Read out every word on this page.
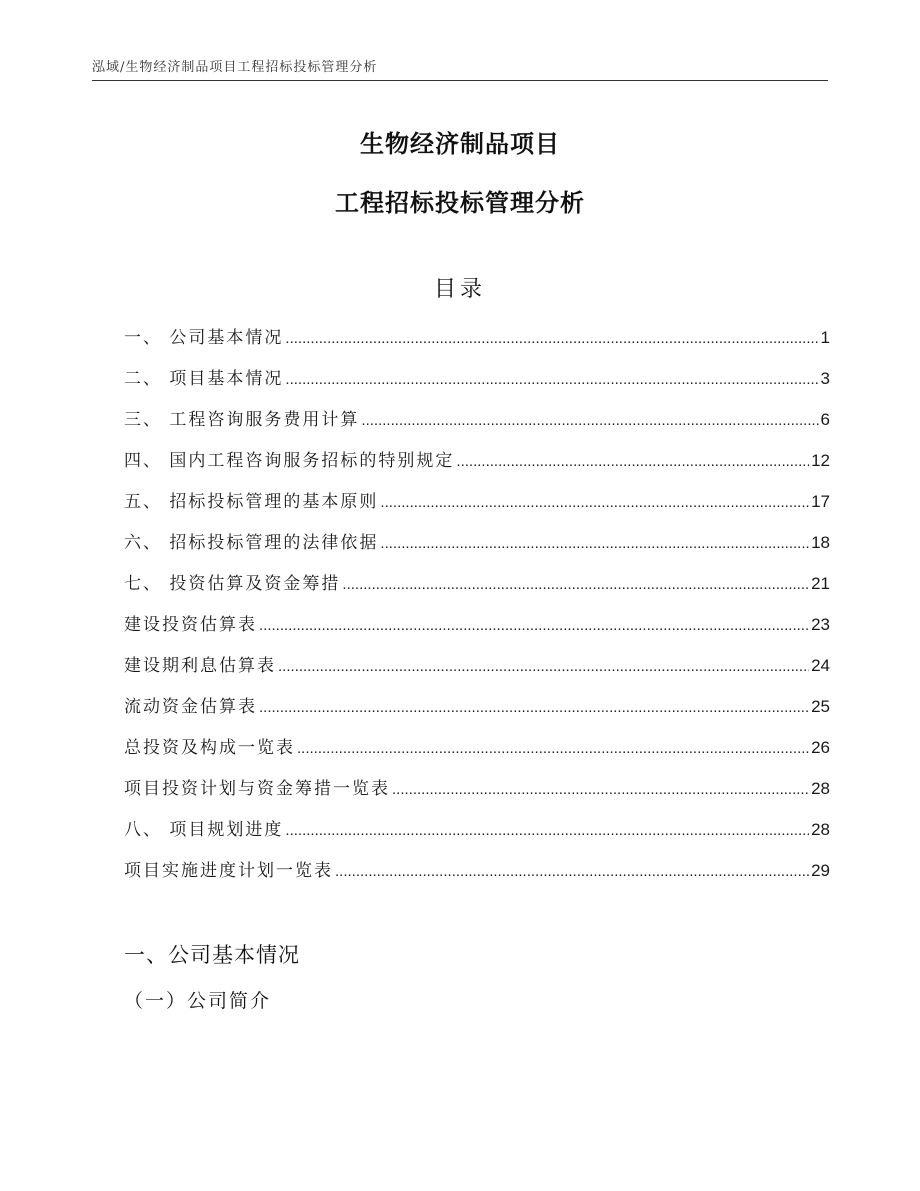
泓域/生物经济制品项目工程招标投标管理分析
生物经济制品项目
工程招标投标管理分析
目录
一、 公司基本情况 .....	1
二、 项目基本情况 .....	3
三、 工程咨询服务费用计算 .....	6
四、 国内工程咨询服务招标的特别规定 .....	12
五、 招标投标管理的基本原则 .....	17
六、 招标投标管理的法律依据 .....	18
七、 投资估算及资金筹措 .....	21
建设投资估算表 .....	23
建设期利息估算表 .....	24
流动资金估算表 .....	25
总投资及构成一览表 .....	26
项目投资计划与资金筹措一览表 .....	28
八、 项目规划进度 .....	28
项目实施进度计划一览表 .....	29
一、公司基本情况
（一）公司简介
